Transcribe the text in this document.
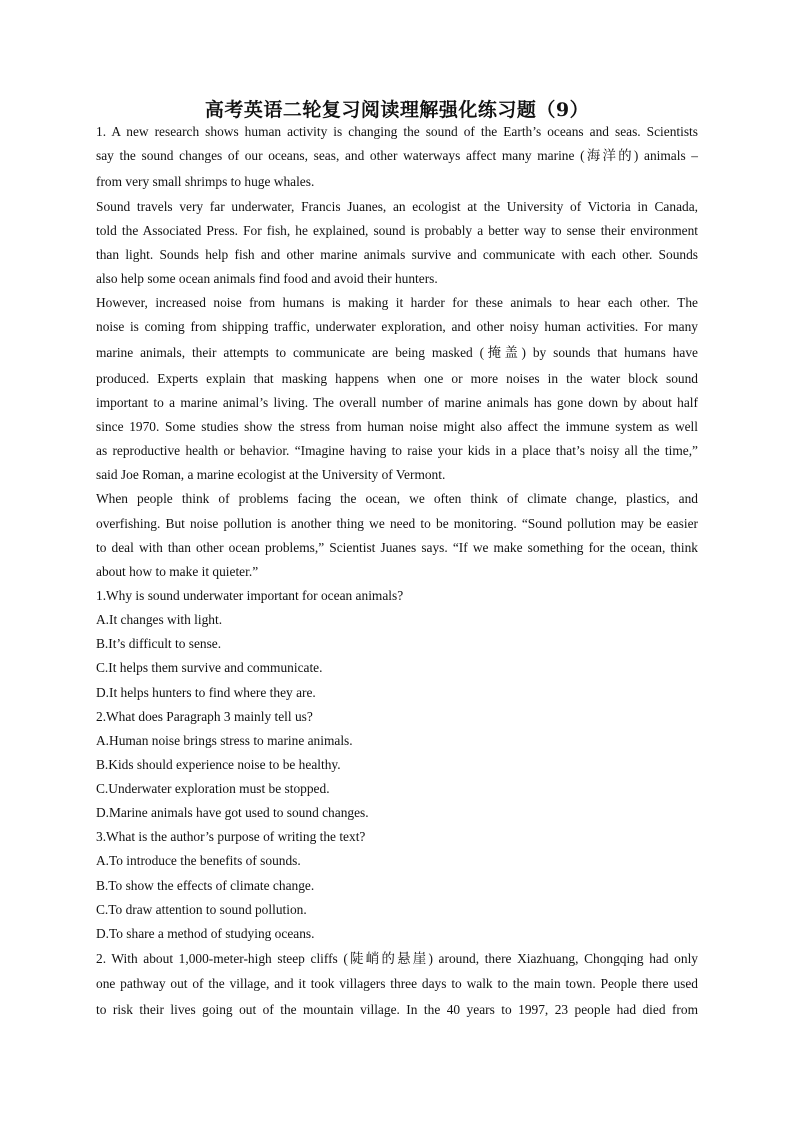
高考英语二轮复习阅读理解强化练习题（9）
1. A new research shows human activity is changing the sound of the Earth’s oceans and seas. Scientists
say the sound changes of our oceans, seas, and other waterways affect many marine (海洋的) animals –
from very small shrimps to huge whales.
Sound travels very far underwater, Francis Juanes, an ecologist at the University of Victoria in Canada,
told the Associated Press. For fish, he explained, sound is probably a better way to sense their environment
than light. Sounds help fish and other marine animals survive and communicate with each other. Sounds
also help some ocean animals find food and avoid their hunters.
However, increased noise from humans is making it harder for these animals to hear each other. The
noise is coming from shipping traffic, underwater exploration, and other noisy human activities. For many
marine animals, their attempts to communicate are being masked (掩盖) by sounds that humans have
produced. Experts explain that masking happens when one or more noises in the water block sound
important to a marine animal’s living. The overall number of marine animals has gone down by about half
since 1970. Some studies show the stress from human noise might also affect the immune system as well
as reproductive health or behavior. “Imagine having to raise your kids in a place that’s noisy all the time,”
said Joe Roman, a marine ecologist at the University of Vermont.
When people think of problems facing the ocean, we often think of climate change, plastics, and
overfishing. But noise pollution is another thing we need to be monitoring. “Sound pollution may be easier
to deal with than other ocean problems,” Scientist Juanes says. “If we make something for the ocean, think
about how to make it quieter.”
1.Why is sound underwater important for ocean animals?
A.It changes with light.
B.It’s difficult to sense.
C.It helps them survive and communicate.
D.It helps hunters to find where they are.
2.What does Paragraph 3 mainly tell us?
A.Human noise brings stress to marine animals.
B.Kids should experience noise to be healthy.
C.Underwater exploration must be stopped.
D.Marine animals have got used to sound changes.
3.What is the author’s purpose of writing the text?
A.To introduce the benefits of sounds.
B.To show the effects of climate change.
C.To draw attention to sound pollution.
D.To share a method of studying oceans.
2. With about 1,000-meter-high steep cliffs (陡峭的悬崖) around, there Xiazhuang, Chongqing had only
one pathway out of the village, and it took villagers three days to walk to the main town. People there used
to risk their lives going out of the mountain village. In the 40 years to 1997, 23 people had died from
